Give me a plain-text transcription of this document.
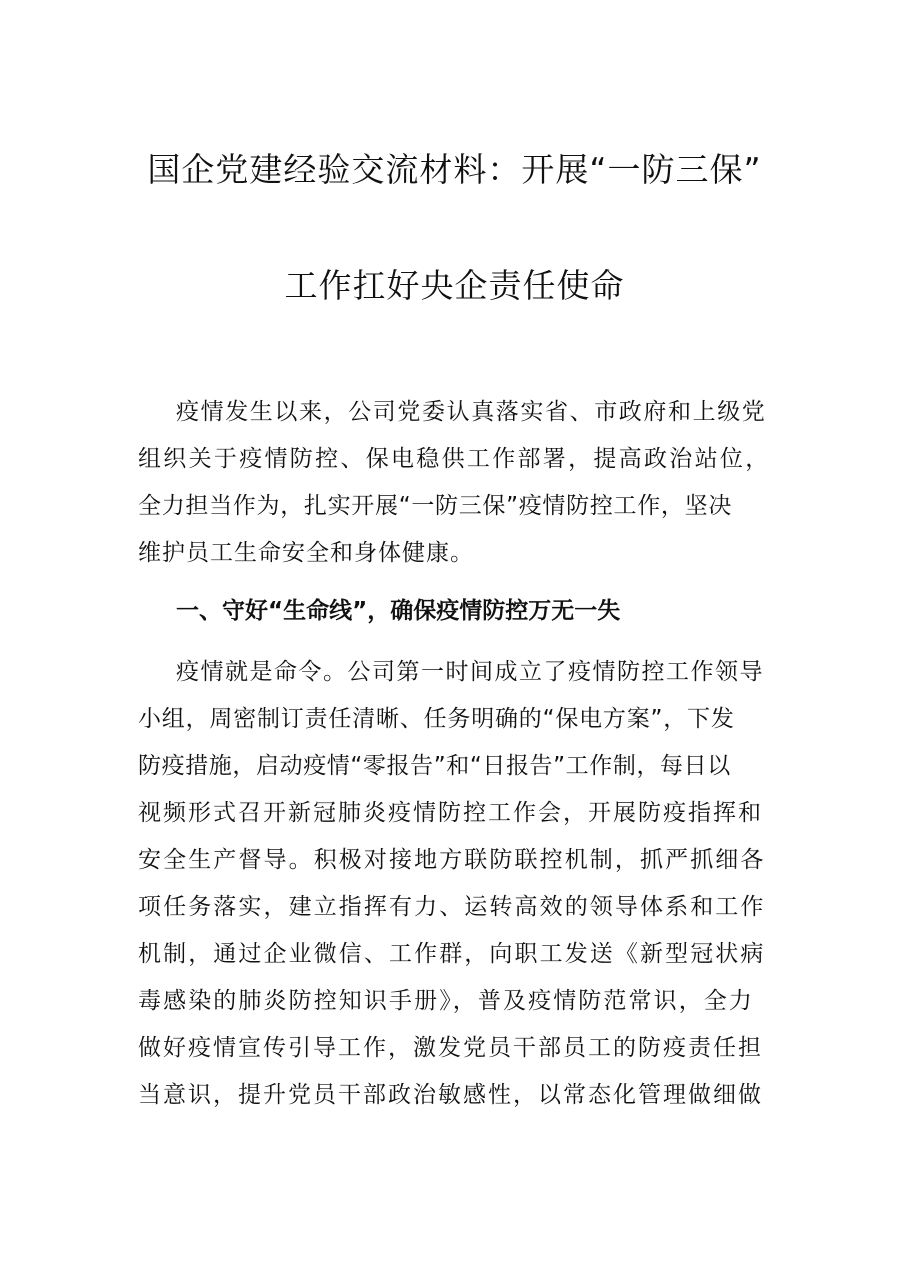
国企党建经验交流材料：开展“一防三保”
工作扛好央企责任使命

疫情发生以来，公司党委认真落实省、市政府和上级党

组织关于疫情防控、保电稳供工作部署，提高政治站位，

全力担当作为，扎实开展“一防三保”疫情防控工作，坚决

维护员工生命安全和身体健康。

一、守好“生命线”，确保疫情防控万无一失

疫情就是命令。公司第一时间成立了疫情防控工作领导

小组，周密制订责任清晰、任务明确的“保电方案”，下发

防疫措施，启动疫情“零报告”和“日报告”工作制，每日以

视频形式召开新冠肺炎疫情防控工作会，开展防疫指挥和

安全生产督导。积极对接地方联防联控机制，抓严抓细各

项任务落实，建立指挥有力、运转高效的领导体系和工作

机制，通过企业微信、工作群，向职工发送《新型冠状病

毒感染的肺炎防控知识手册》，普及疫情防范常识，全力

做好疫情宣传引导工作，激发党员干部员工的防疫责任担

当意识，提升党员干部政治敏感性，以常态化管理做细做
